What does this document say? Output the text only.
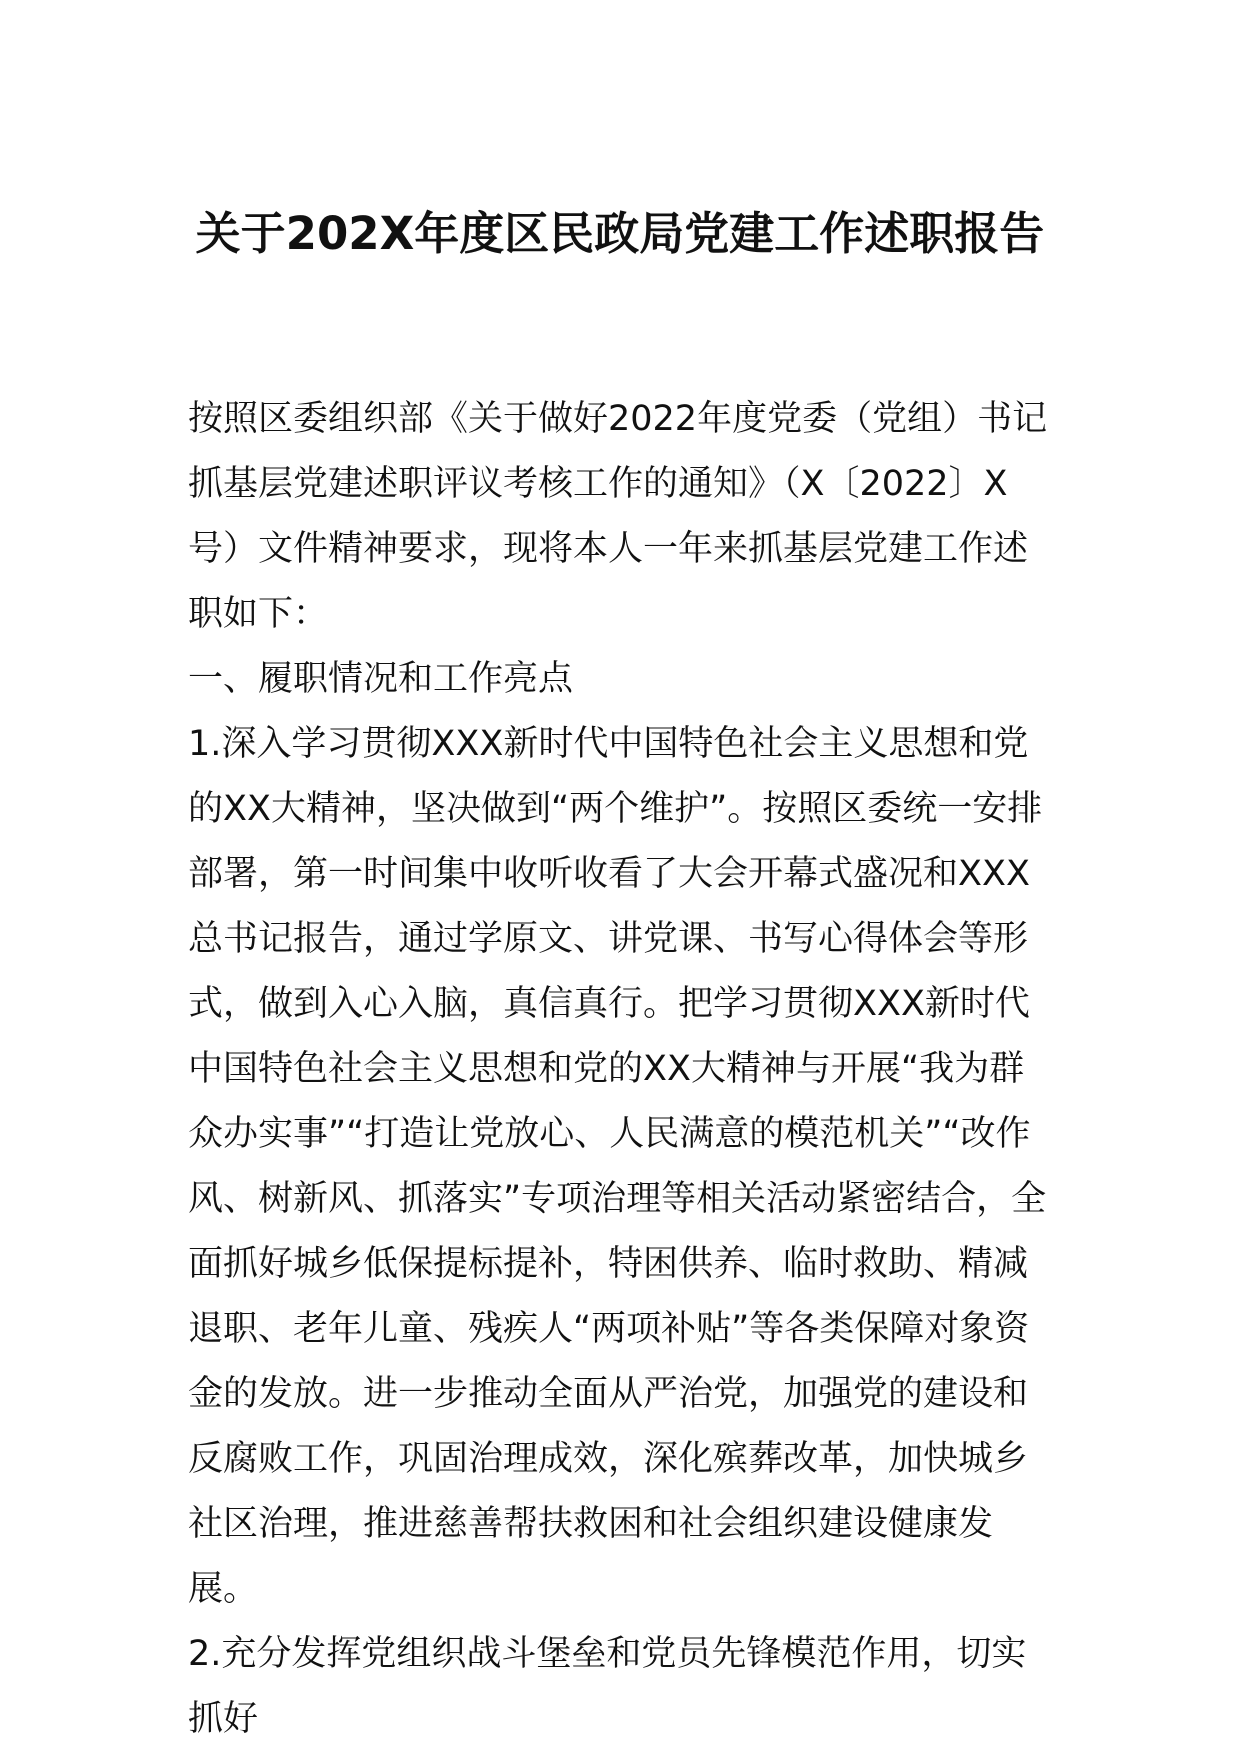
关于202X年度区民政局党建工作述职报告

按照区委组织部《关于做好2022年度党委（党组）书记抓基层党建述职评议考核工作的通知》（X〔2022〕X号）文件精神要求，现将本人一年来抓基层党建工作述职如下：

一、履职情况和工作亮点

1.深入学习贯彻XXX新时代中国特色社会主义思想和党的XX大精神，坚决做到“两个维护”。按照区委统一安排部署，第一时间集中收听收看了大会开幕式盛况和XXX总书记报告，通过学原文、讲党课、书写心得体会等形式，做到入心入脑，真信真行。把学习贯彻XXX新时代中国特色社会主义思想和党的XX大精神与开展“我为群众办实事”“打造让党放心、人民满意的模范机关”“改作风、树新风、抓落实”专项治理等相关活动紧密结合，全面抓好城乡低保提标提补，特困供养、临时救助、精减退职、老年儿童、残疾人“两项补贴”等各类保障对象资金的发放。进一步推动全面从严治党，加强党的建设和反腐败工作，巩固治理成效，深化殡葬改革，加快城乡社区治理，推进慈善帮扶救困和社会组织建设健康发展。

2.充分发挥党组织战斗堡垒和党员先锋模范作用，切实抓好
